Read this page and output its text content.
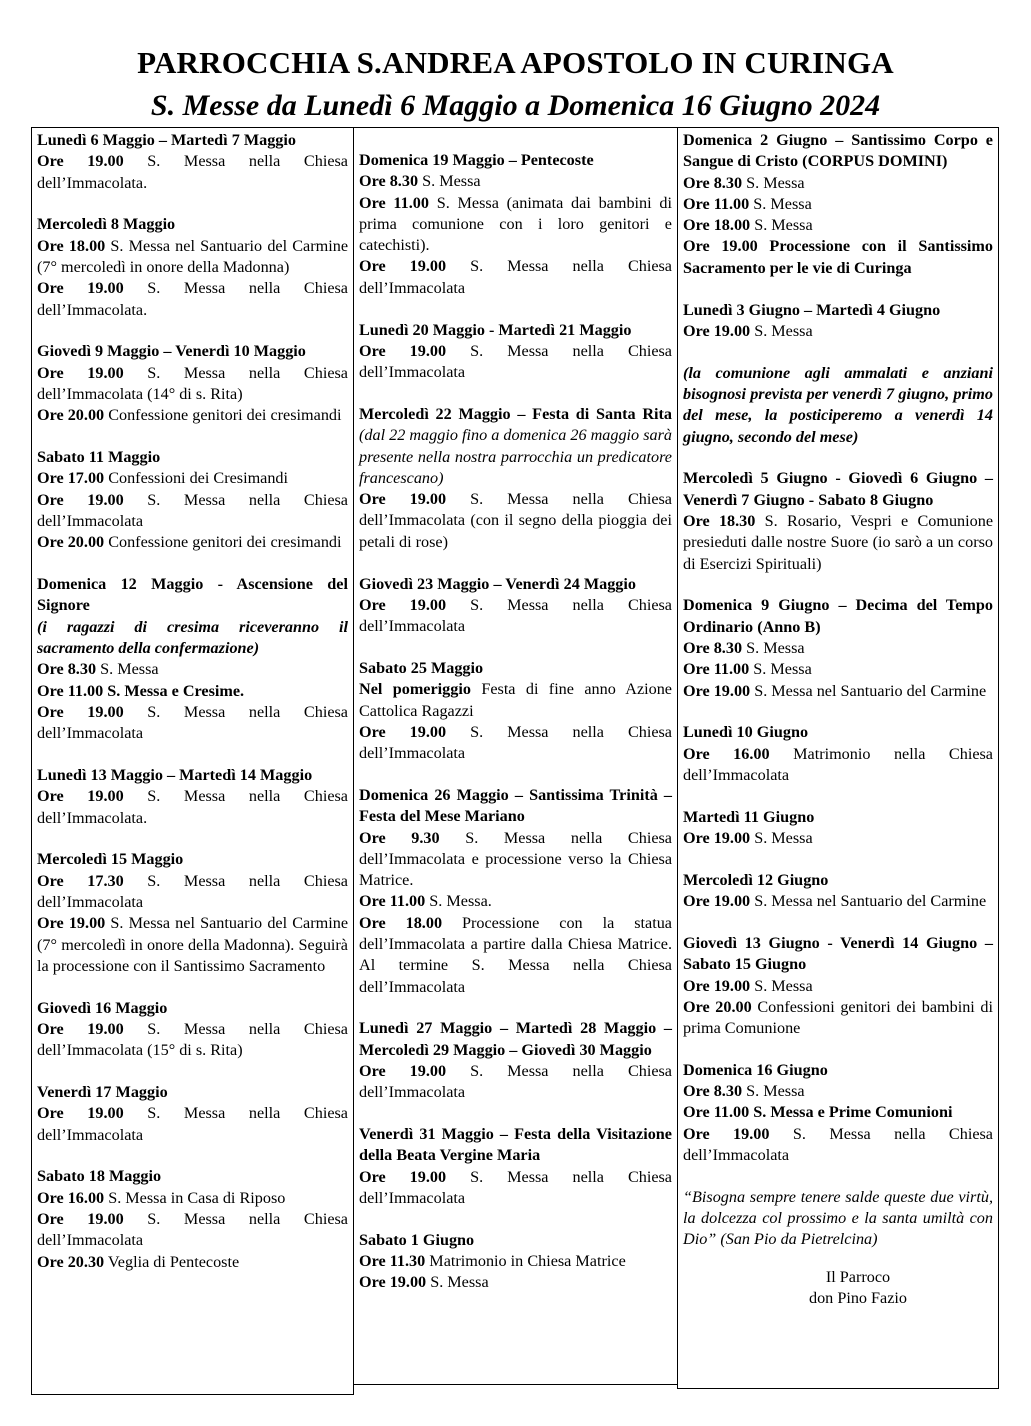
PARROCCHIA S.ANDREA APOSTOLO IN CURINGA
S. Messe da Lunedì 6 Maggio a Domenica 16 Giugno 2024
Lunedì 6 Maggio – Martedì 7 Maggio
Ore 19.00 S. Messa nella Chiesa dell’Immacolata.
Mercoledì 8 Maggio
Ore 18.00 S. Messa nel Santuario del Carmine (7° mercoledì in onore della Madonna)
Ore 19.00 S. Messa nella Chiesa dell’Immacolata.
Giovedì 9 Maggio – Venerdì 10 Maggio
Ore 19.00 S. Messa nella Chiesa dell’Immacolata (14° di s. Rita)
Ore 20.00 Confessione genitori dei cresimandi
Sabato 11 Maggio
Ore 17.00 Confessioni dei Cresimandi
Ore 19.00 S. Messa nella Chiesa dell’Immacolata
Ore 20.00 Confessione genitori dei cresimandi
Domenica 12 Maggio - Ascensione del Signore
(i ragazzi di cresima riceveranno il sacramento della confermazione)
Ore 8.30 S. Messa
Ore 11.00 S. Messa e Cresime.
Ore 19.00 S. Messa nella Chiesa dell’Immacolata
Lunedì 13 Maggio – Martedì 14 Maggio
Ore 19.00 S. Messa nella Chiesa dell’Immacolata.
Mercoledì 15 Maggio
Ore 17.30 S. Messa nella Chiesa dell’Immacolata
Ore 19.00 S. Messa nel Santuario del Carmine (7° mercoledì in onore della Madonna). Seguirà la processione con il Santissimo Sacramento
Giovedì 16 Maggio
Ore 19.00 S. Messa nella Chiesa dell’Immacolata (15° di s. Rita)
Venerdì 17 Maggio
Ore 19.00 S. Messa nella Chiesa dell’Immacolata
Sabato 18 Maggio
Ore 16.00 S. Messa in Casa di Riposo
Ore 19.00 S. Messa nella Chiesa dell’Immacolata
Ore 20.30 Veglia di Pentecoste
Domenica 19 Maggio – Pentecoste
Ore 8.30 S. Messa
Ore 11.00 S. Messa (animata dai bambini di prima comunione con i loro genitori e catechisti).
Ore 19.00 S. Messa nella Chiesa dell’Immacolata
Lunedì 20 Maggio - Martedì 21 Maggio
Ore 19.00 S. Messa nella Chiesa dell’Immacolata
Mercoledì 22 Maggio – Festa di Santa Rita (dal 22 maggio fino a domenica 26 maggio sarà presente nella nostra parrocchia un predicatore francescano)
Ore 19.00 S. Messa nella Chiesa dell’Immacolata (con il segno della pioggia dei petali di rose)
Giovedì 23 Maggio – Venerdì 24 Maggio
Ore 19.00 S. Messa nella Chiesa dell’Immacolata
Sabato 25 Maggio
Nel pomeriggio Festa di fine anno Azione Cattolica Ragazzi
Ore 19.00 S. Messa nella Chiesa dell’Immacolata
Domenica 26 Maggio – Santissima Trinità – Festa del Mese Mariano
Ore 9.30 S. Messa nella Chiesa dell’Immacolata e processione verso la Chiesa Matrice.
Ore 11.00 S. Messa.
Ore 18.00 Processione con la statua dell’Immacolata a partire dalla Chiesa Matrice. Al termine S. Messa nella Chiesa dell’Immacolata
Lunedì 27 Maggio – Martedì 28 Maggio – Mercoledì 29 Maggio – Giovedì 30 Maggio
Ore 19.00 S. Messa nella Chiesa dell’Immacolata
Venerdì 31 Maggio – Festa della Visitazione della Beata Vergine Maria
Ore 19.00 S. Messa nella Chiesa dell’Immacolata
Sabato 1 Giugno
Ore 11.30 Matrimonio in Chiesa Matrice
Ore 19.00 S. Messa
Domenica 2 Giugno – Santissimo Corpo e Sangue di Cristo (CORPUS DOMINI)
Ore 8.30 S. Messa
Ore 11.00 S. Messa
Ore 18.00 S. Messa
Ore 19.00 Processione con il Santissimo Sacramento per le vie di Curinga
Lunedì 3 Giugno – Martedì 4 Giugno
Ore 19.00 S. Messa
(la comunione agli ammalati e anziani bisognosi prevista per venerdì 7 giugno, primo del mese, la posticiperemo a venerdì 14 giugno, secondo del mese)
Mercoledì 5 Giugno - Giovedì 6 Giugno – Venerdì 7 Giugno - Sabato 8 Giugno
Ore 18.30 S. Rosario, Vespri e Comunione presieduti dalle nostre Suore (io sarò a un corso di Esercizi Spirituali)
Domenica 9 Giugno – Decima del Tempo Ordinario (Anno B)
Ore 8.30 S. Messa
Ore 11.00 S. Messa
Ore 19.00 S. Messa nel Santuario del Carmine
Lunedì 10 Giugno
Ore 16.00 Matrimonio nella Chiesa dell’Immacolata
Martedì 11 Giugno
Ore 19.00 S. Messa
Mercoledì 12 Giugno
Ore 19.00 S. Messa nel Santuario del Carmine
Giovedì 13 Giugno - Venerdì 14 Giugno – Sabato 15 Giugno
Ore 19.00 S. Messa
Ore 20.00 Confessioni genitori dei bambini di prima Comunione
Domenica 16 Giugno
Ore 8.30 S. Messa
Ore 11.00 S. Messa e Prime Comunioni
Ore 19.00 S. Messa nella Chiesa dell’Immacolata
“Bisogna sempre tenere salde queste due virtù, la dolcezza col prossimo e la santa umiltà con Dio” (San Pio da Pietrelcina)
Il Parroco
don Pino Fazio
